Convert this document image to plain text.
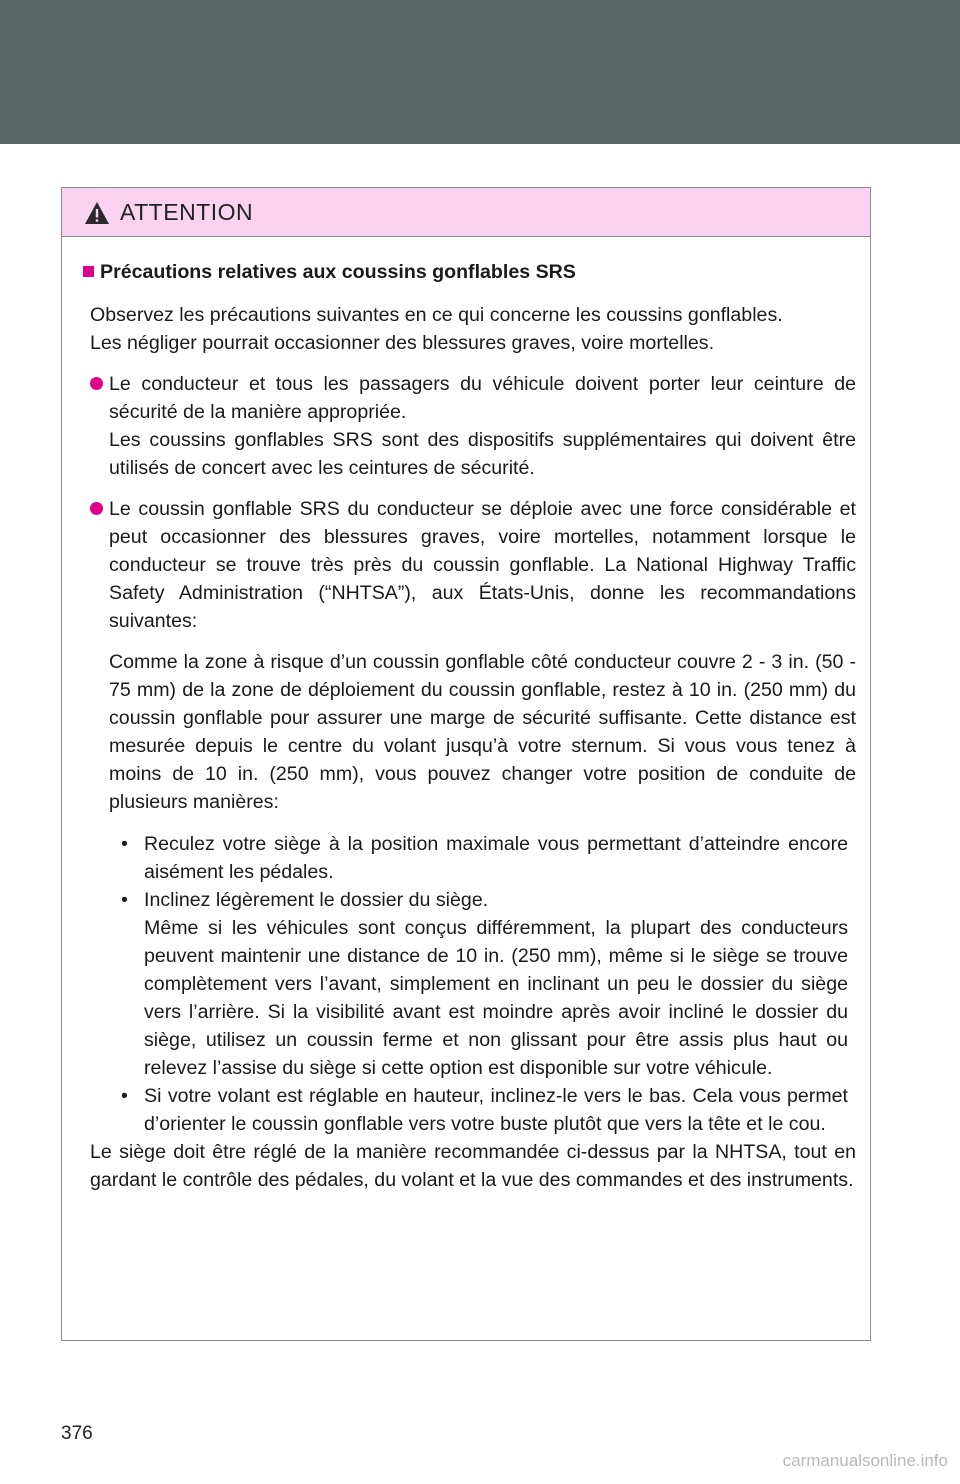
ATTENTION
Précautions relatives aux coussins gonflables SRS
Observez les précautions suivantes en ce qui concerne les coussins gonflables.
Les négliger pourrait occasionner des blessures graves, voire mortelles.
Le conducteur et tous les passagers du véhicule doivent porter leur ceinture de sécurité de la manière appropriée.
Les coussins gonflables SRS sont des dispositifs supplémentaires qui doivent être utilisés de concert avec les ceintures de sécurité.
Le coussin gonflable SRS du conducteur se déploie avec une force considérable et peut occasionner des blessures graves, voire mortelles, notamment lorsque le conducteur se trouve très près du coussin gonflable. La National Highway Traffic Safety Administration (“NHTSA”), aux États-Unis, donne les recommandations suivantes:
Comme la zone à risque d’un coussin gonflable côté conducteur couvre 2 - 3 in. (50 - 75 mm) de la zone de déploiement du coussin gonflable, restez à 10 in. (250 mm) du coussin gonflable pour assurer une marge de sécurité suffisante. Cette distance est mesurée depuis le centre du volant jusqu’à votre sternum. Si vous vous tenez à moins de 10 in. (250 mm), vous pouvez changer votre position de conduite de plusieurs manières:
• Reculez votre siège à la position maximale vous permettant d’atteindre encore aisément les pédales.
• Inclinez légèrement le dossier du siège.
Même si les véhicules sont conçus différemment, la plupart des conducteurs peuvent maintenir une distance de 10 in. (250 mm), même si le siège se trouve complètement vers l’avant, simplement en inclinant un peu le dossier du siège vers l’arrière. Si la visibilité avant est moindre après avoir incliné le dossier du siège, utilisez un coussin ferme et non glissant pour être assis plus haut ou relevez l’assise du siège si cette option est disponible sur votre véhicule.
• Si votre volant est réglable en hauteur, inclinez-le vers le bas. Cela vous permet d’orienter le coussin gonflable vers votre buste plutôt que vers la tête et le cou.
Le siège doit être réglé de la manière recommandée ci-dessus par la NHTSA, tout en gardant le contrôle des pédales, du volant et la vue des commandes et des instruments.
376
carmanualsonline.info
